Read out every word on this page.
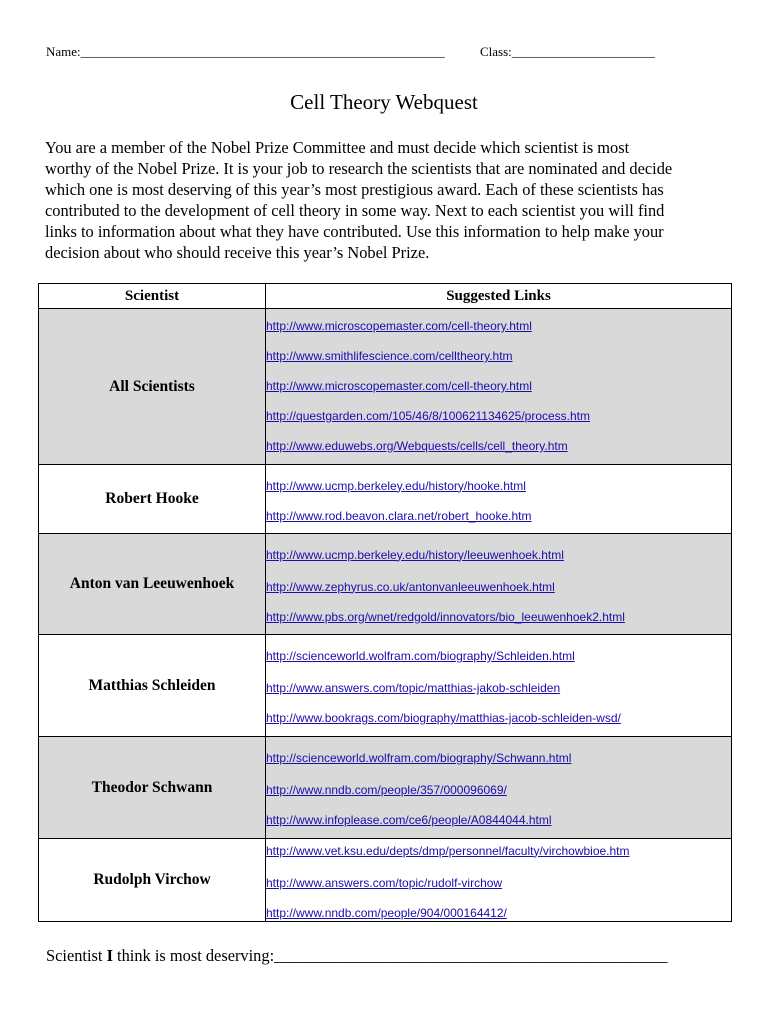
Name:________________________________________________________	Class:______________________
Cell Theory Webquest

You are a member of the Nobel Prize Committee and must decide which scientist is most
worthy of the Nobel Prize. It is your job to research the scientists that are nominated and decide
which one is most deserving of this year’s most prestigious award. Each of these scientists has
contributed to the development of cell theory in some way. Next to each scientist you will find
links to information about what they have contributed. Use this information to help make your
decision about who should receive this year’s Nobel Prize.

Scientist	Suggested Links
All Scientists	http://www.microscopemaster.com/cell-theory.html
http://www.smithlifescience.com/celltheory.htm
http://www.microscopemaster.com/cell-theory.html
http://questgarden.com/105/46/8/100621134625/process.htm
http://www.eduwebs.org/Webquests/cells/cell_theory.htm

Robert Hooke	http://www.ucmp.berkeley.edu/history/hooke.html
http://www.rod.beavon.clara.net/robert_hooke.htm

Anton van Leeuwenhoek	http://www.ucmp.berkeley.edu/history/leeuwenhoek.html
http://www.zephyrus.co.uk/antonvanleeuwenhoek.html
http://www.pbs.org/wnet/redgold/innovators/bio_leeuwenhoek2.html

Matthias Schleiden	http://scienceworld.wolfram.com/biography/Schleiden.html
http://www.answers.com/topic/matthias-jakob-schleiden
http://www.bookrags.com/biography/matthias-jacob-schleiden-wsd/

Theodor Schwann	http://scienceworld.wolfram.com/biography/Schwann.html
http://www.nndb.com/people/357/000096069/
http://www.infoplease.com/ce6/people/A0844044.html

Rudolph Virchow	http://www.vet.ksu.edu/depts/dmp/personnel/faculty/virchowbioe.htm
http://www.answers.com/topic/rudolf-virchow
http://www.nndb.com/people/904/000164412/
Scientist I think is most deserving:________________________________________________
